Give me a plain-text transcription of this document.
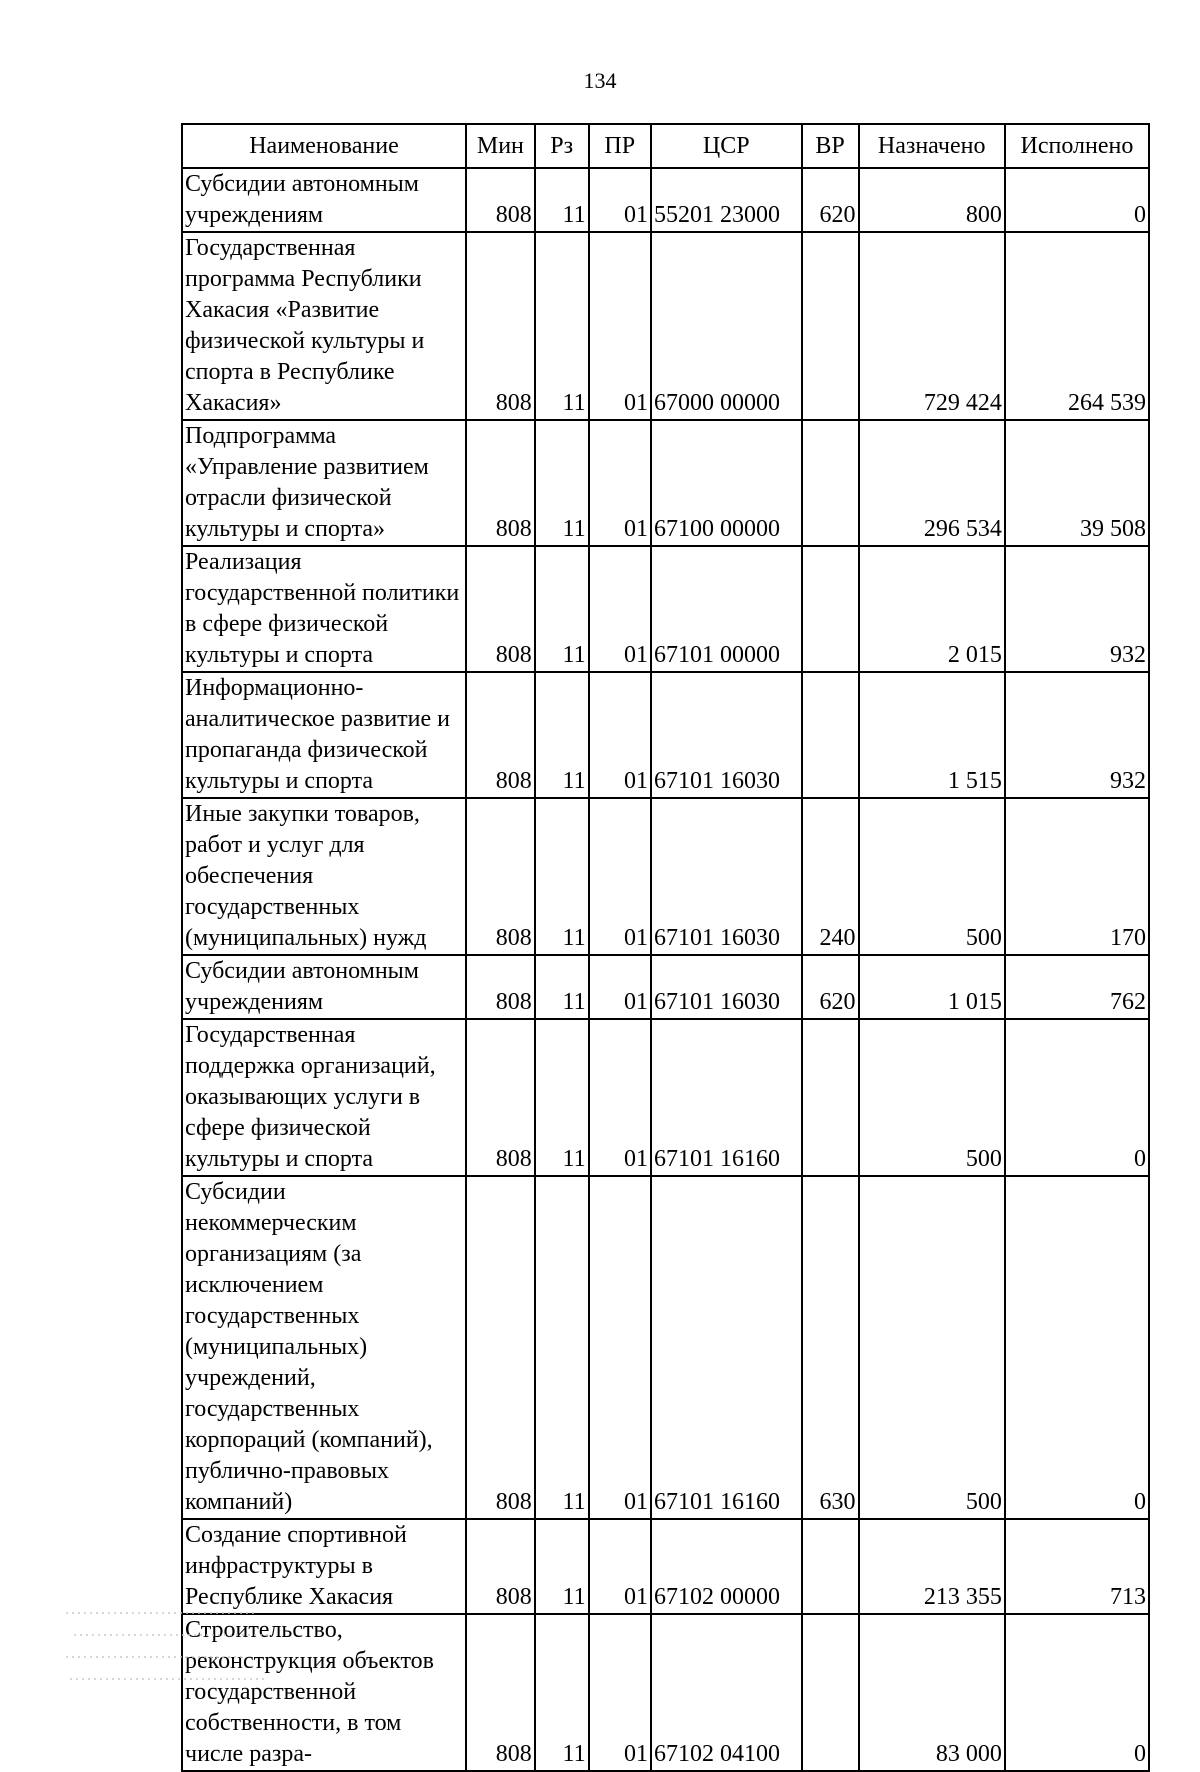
134
Наименование	Мин	Рз	ПР	ЦСР	ВР	Назначено	Исполнено
Субсидии автономным учреждениям	808	11	01	55201 23000	620	800	0
Государственная программа Республики Хакасия «Развитие физической культуры и спорта в Республике Хакасия»	808	11	01	67000 00000		729 424	264 539
Подпрограмма «Управление развитием отрасли физической культуры и спорта»	808	11	01	67100 00000		296 534	39 508
Реализация государственной политики в сфере физической культуры и спорта	808	11	01	67101 00000		2 015	932
Информационно-аналитическое развитие и пропаганда физической культуры и спорта	808	11	01	67101 16030		1 515	932
Иные закупки товаров, работ и услуг для обеспечения государственных (муниципальных) нужд	808	11	01	67101 16030	240	500	170
Субсидии автономным учреждениям	808	11	01	67101 16030	620	1 015	762
Государственная поддержка организаций, оказывающих услуги в сфере физической культуры и спорта	808	11	01	67101 16160		500	0
Субсидии некоммерческим организациям (за исключением государственных (муниципальных) учреждений, государственных корпораций (компаний), публично-правовых компаний)	808	11	01	67101 16160	630	500	0
Создание спортивной инфраструктуры в Республике Хакасия	808	11	01	67102 00000		213 355	713
Строительство, реконструкция объектов государственной собственности, в том числе разра-	808	11	01	67102 04100		83 000	0
